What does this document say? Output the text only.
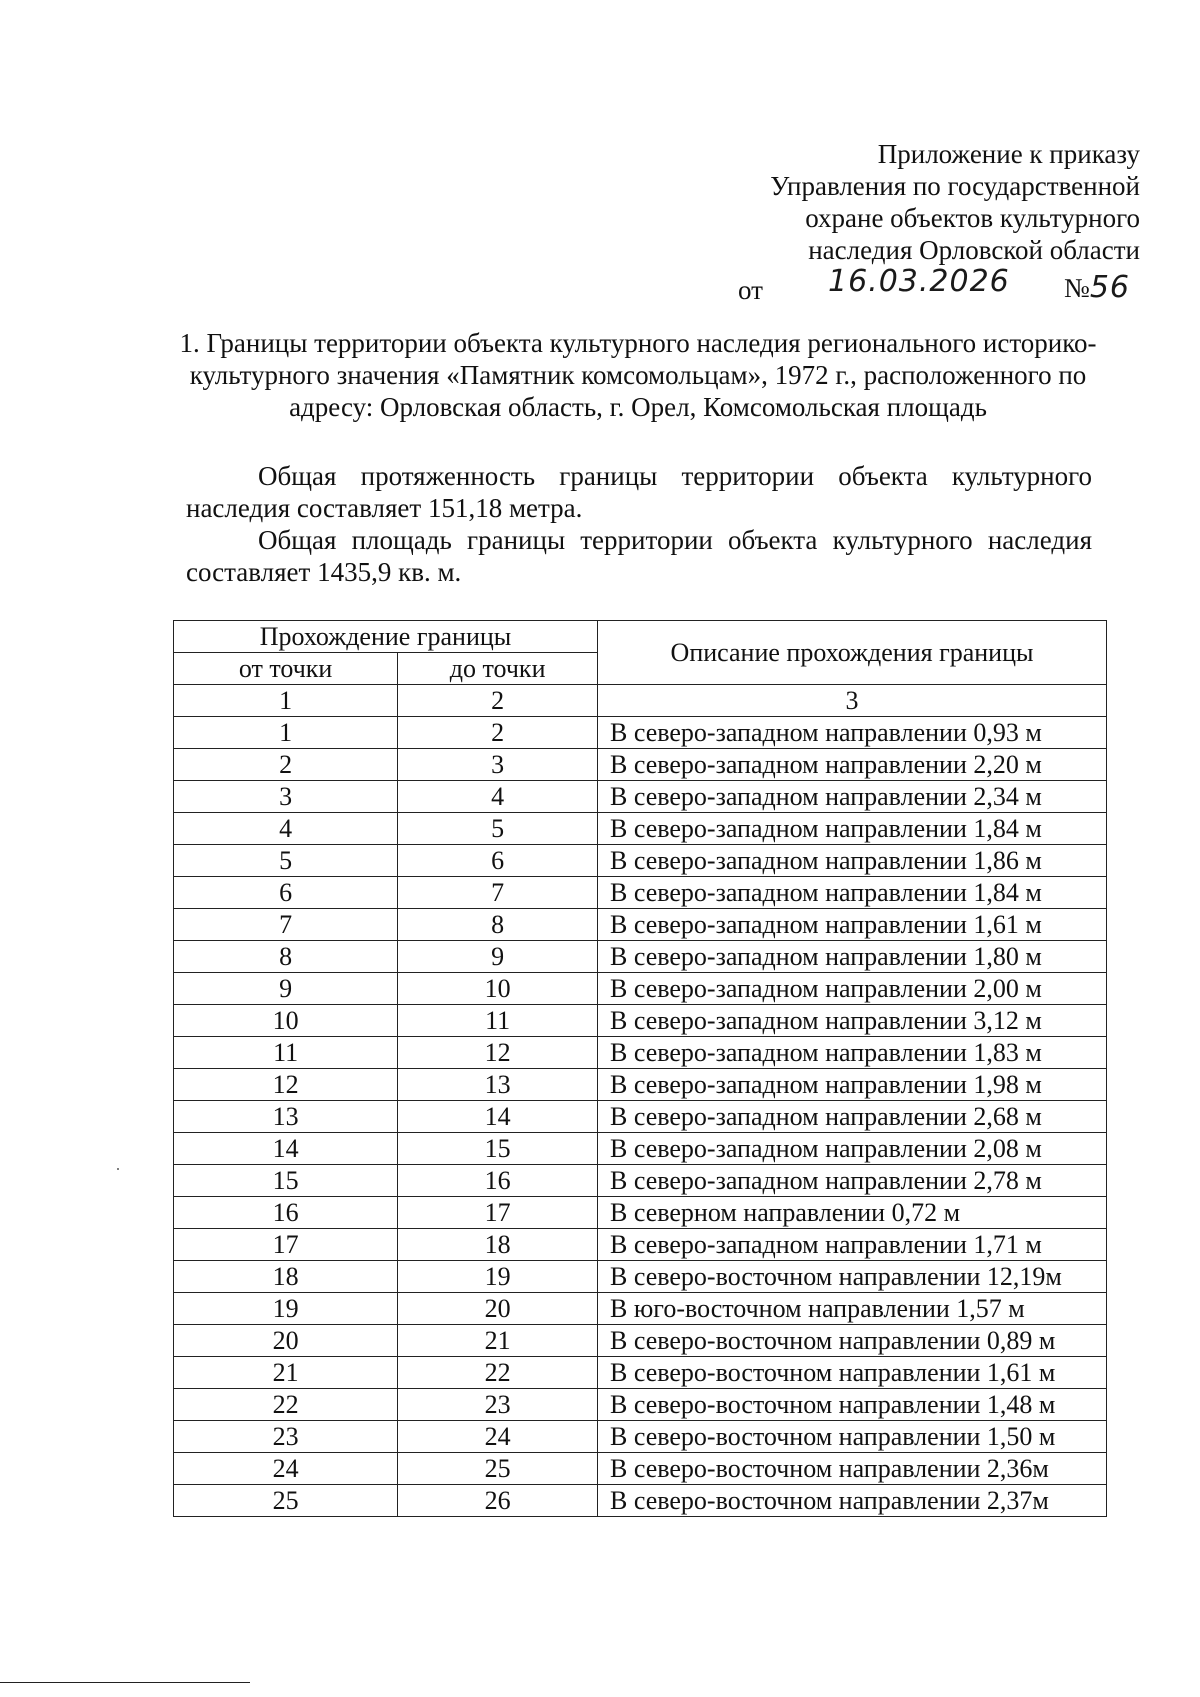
Приложение к приказу
Управления по государственной
охране объектов культурного
наследия Орловской области
от 16.03.2026 №56
1. Границы территории объекта культурного наследия регионального историко-культурного значения «Памятник комсомольцам», 1972 г., расположенного по адресу: Орловская область, г. Орел, Комсомольская площадь
Общая протяженность границы территории объекта культурного наследия составляет 151,18 метра.
Общая площадь границы территории объекта культурного наследия составляет 1435,9 кв. м.
Прохождение границы		Описание прохождения границы
от точки	до точки	
1	2	3
1	2	В северо-западном направлении 0,93 м
2	3	В северо-западном направлении 2,20 м
3	4	В северо-западном направлении 2,34 м
4	5	В северо-западном направлении 1,84 м
5	6	В северо-западном направлении 1,86 м
6	7	В северо-западном направлении 1,84 м
7	8	В северо-западном направлении 1,61 м
8	9	В северо-западном направлении 1,80 м
9	10	В северо-западном направлении 2,00 м
10	11	В северо-западном направлении 3,12 м
11	12	В северо-западном направлении 1,83 м
12	13	В северо-западном направлении 1,98 м
13	14	В северо-западном направлении 2,68 м
14	15	В северо-западном направлении 2,08 м
15	16	В северо-западном направлении 2,78 м
16	17	В северном направлении 0,72 м
17	18	В северо-западном направлении 1,71 м
18	19	В северо-восточном направлении 12,19м
19	20	В юго-восточном направлении 1,57 м
20	21	В северо-восточном направлении 0,89 м
21	22	В северо-восточном направлении 1,61 м
22	23	В северо-восточном направлении 1,48 м
23	24	В северо-восточном направлении 1,50 м
24	25	В северо-восточном направлении 2,36м
25	26	В северо-восточном направлении 2,37м
